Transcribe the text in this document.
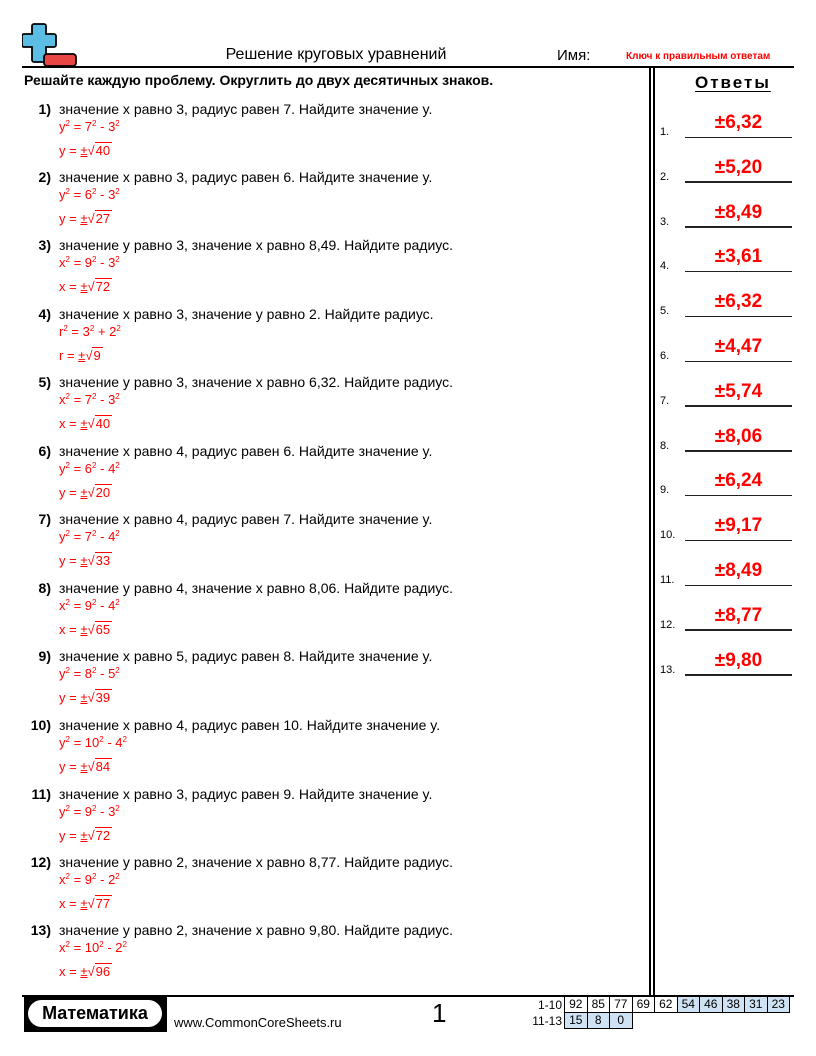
Решение круговых уравнений	Имя:	Ключ к правильным ответам
Решайте каждую проблему. Округлить до двух десятичных знаков.	Ответы
1) значение x равно 3, радиус равен 7. Найдите значение y.
$y^2 = 7^2 - 3^2$
y = ±√40
2) значение x равно 3, радиус равен 6. Найдите значение y.
$y^2 = 6^2 - 3^2$
y = ±√27
3) значение y равно 3, значение x равно 8,49. Найдите радиус.
$x^2 = 9^2 - 3^2$
x = ±√72
4) значение x равно 3, значение y равно 2. Найдите радиус.
$r^2 = 3^2 + 2^2$
r = ±√9
5) значение y равно 3, значение x равно 6,32. Найдите радиус.
$x^2 = 7^2 - 3^2$
x = ±√40
6) значение x равно 4, радиус равен 6. Найдите значение y.
$y^2 = 6^2 - 4^2$
y = ±√20
7) значение x равно 4, радиус равен 7. Найдите значение y.
$y^2 = 7^2 - 4^2$
y = ±√33
8) значение y равно 4, значение x равно 8,06. Найдите радиус.
$x^2 = 9^2 - 4^2$
x = ±√65
9) значение x равно 5, радиус равен 8. Найдите значение y.
$y^2 = 8^2 - 5^2$
y = ±√39
10) значение x равно 4, радиус равен 10. Найдите значение y.
$y^2 = 10^2 - 4^2$
y = ±√84
11) значение x равно 3, радиус равен 9. Найдите значение y.
$y^2 = 9^2 - 3^2$
y = ±√72
12) значение y равно 2, значение x равно 8,77. Найдите радиус.
$x^2 = 9^2 - 2^2$
x = ±√77
13) значение y равно 2, значение x равно 9,80. Найдите радиус.
$x^2 = 10^2 - 2^2$
x = ±√96
1.	±6,32
2.	±5,20
3.	±8,49
4.	±3,61
5.	±6,32
6.	±4,47
7.	±5,74
8.	±8,06
9.	±6,24
10.	±9,17
11.	±8,49
12.	±8,77
13.	±9,80
Математика	www.CommonCoreSheets.ru	1	1-10 92 85 77 69 62 54 46 38 31 23
11-13 15	8	0
